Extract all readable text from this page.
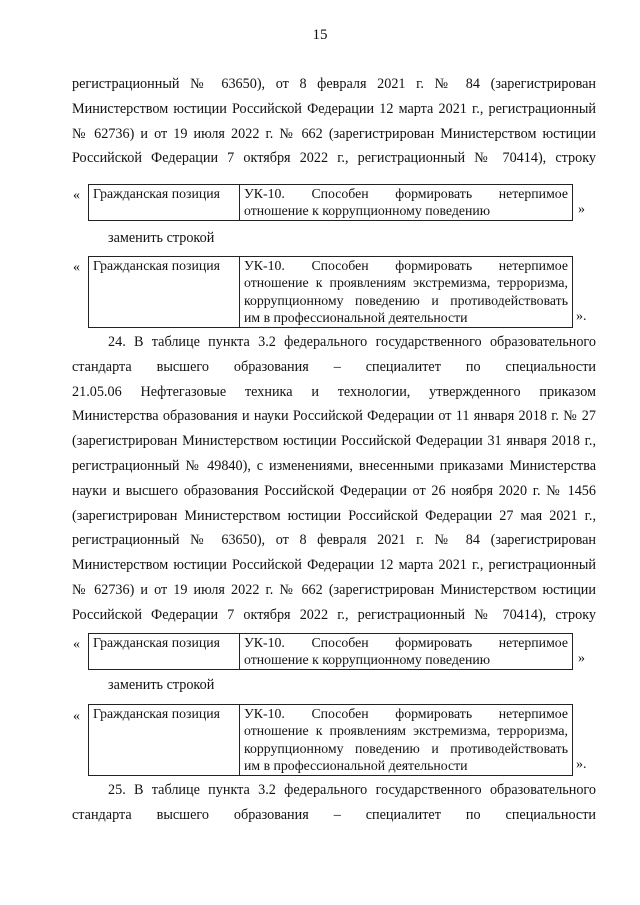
15
регистрационный № 63650), от 8 февраля 2021 г. № 84 (зарегистрирован
Министерством юстиции Российской Федерации 12 марта 2021 г., регистрационный
№ 62736) и от 19 июля 2022 г. № 662 (зарегистрирован Министерством юстиции
Российской Федерации 7 октября 2022 г., регистрационный № 70414), строку
« Гражданская позиция	УК-10. Способен формировать нетерпимое
отношение к коррупционному поведению	»
заменить строкой
« Гражданская позиция	УК-10. Способен формировать нетерпимое
отношение к проявлениям экстремизма, терроризма,
коррупционному поведению и противодействовать
им в профессиональной деятельности	».
24. В таблице пункта 3.2 федерального государственного образовательного
стандарта высшего образования – специалитет по специальности
21.05.06 Нефтегазовые техника и технологии, утвержденного приказом
Министерства образования и науки Российской Федерации от 11 января 2018 г. № 27
(зарегистрирован Министерством юстиции Российской Федерации 31 января 2018 г.,
регистрационный № 49840), с изменениями, внесенными приказами Министерства
науки и высшего образования Российской Федерации от 26 ноября 2020 г. № 1456
(зарегистрирован Министерством юстиции Российской Федерации 27 мая 2021 г.,
регистрационный № 63650), от 8 февраля 2021 г. № 84 (зарегистрирован
Министерством юстиции Российской Федерации 12 марта 2021 г., регистрационный
№ 62736) и от 19 июля 2022 г. № 662 (зарегистрирован Министерством юстиции
Российской Федерации 7 октября 2022 г., регистрационный № 70414), строку
« Гражданская позиция	УК-10. Способен формировать нетерпимое
отношение к коррупционному поведению	»
заменить строкой
« Гражданская позиция	УК-10. Способен формировать нетерпимое
отношение к проявлениям экстремизма, терроризма,
коррупционному поведению и противодействовать
им в профессиональной деятельности	».
25. В таблице пункта 3.2 федерального государственного образовательного
стандарта высшего образования – специалитет по специальности
